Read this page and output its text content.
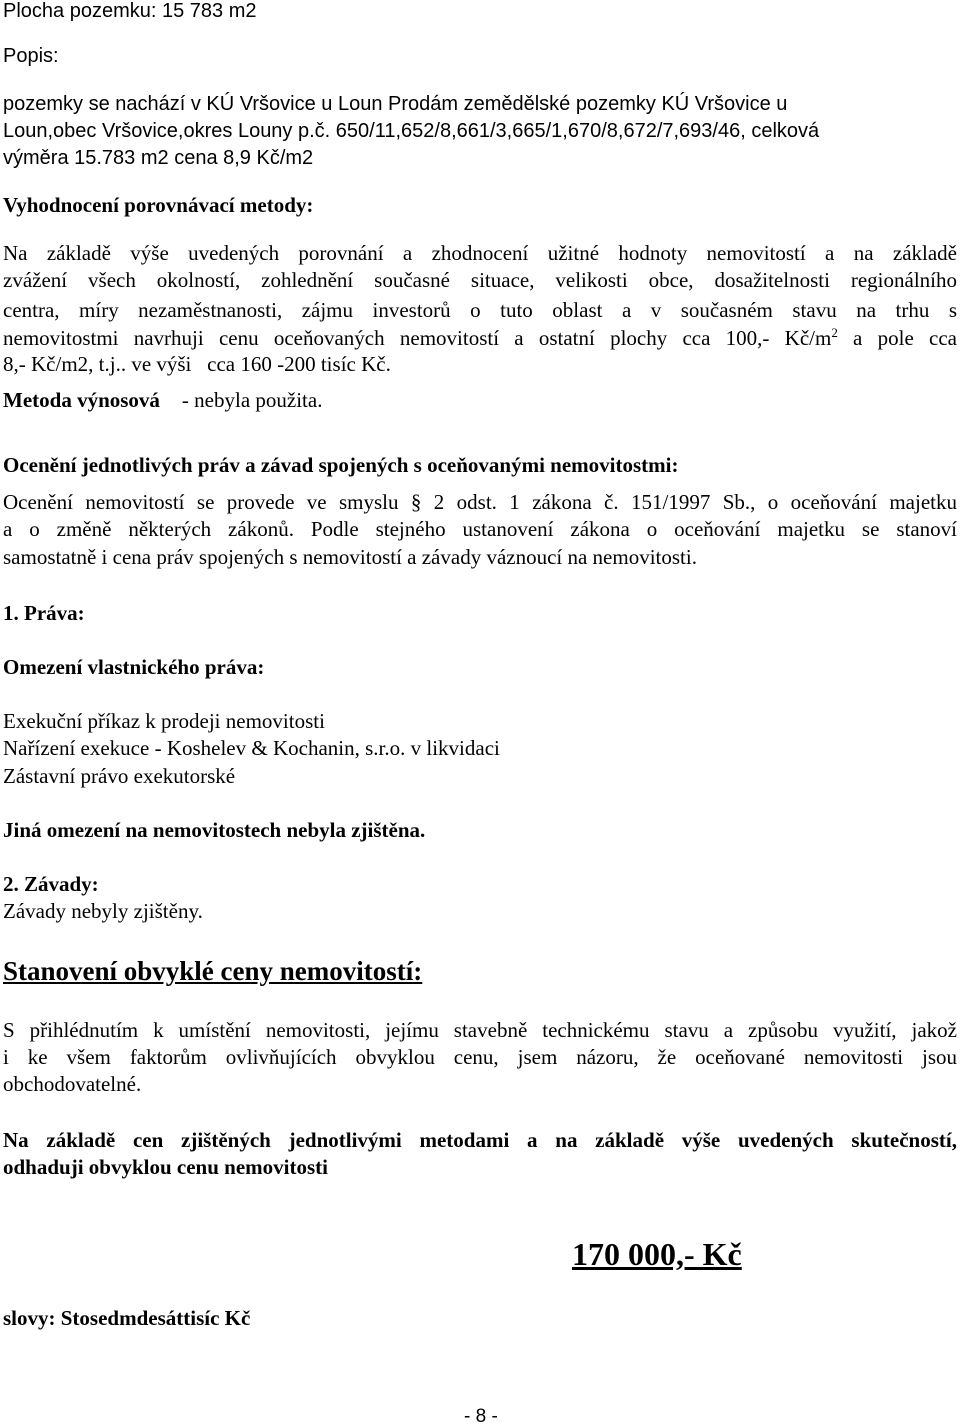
Plocha pozemku: 15 783 m2

Popis:

pozemky se nachází v KÚ Vršovice u Loun Prodám zemědělské pozemky KÚ Vršovice u

Loun,obec Vršovice,okres Louny p.č. 650/11,652/8,661/3,665/1,670/8,672/7,693/46, celková

výměra 15.783 m2 cena 8,9 Kč/m2

Vyhodnocení porovnávací metody:

Na základě výše uvedených porovnání a zhodnocení užitné hodnoty nemovitostí a na základě

zvážení všech okolností, zohlednění současné situace, velikosti obce, dosažitelnosti regionálního

centra, míry nezaměstnanosti, zájmu investorů o tuto oblast a v současném stavu na trhu s

nemovitostmi navrhuji cenu oceňovaných nemovitostí a ostatní plochy cca 100,- $Kč/m^2$ a pole cca

8,- Kč/m2, t.j.. ve výši   cca 160 -200 tisíc Kč.

Metoda výnosová - nebyla použita.

Ocenění jednotlivých práv a závad spojených s oceňovanými nemovitostmi:

Ocenění nemovitostí se provede ve smyslu § 2 odst. 1 zákona č. 151/1997 Sb., o oceňování majetku

a o změně některých zákonů. Podle stejného ustanovení zákona o oceňování majetku se stanoví

samostatně i cena práv spojených s nemovitostí a závady váznoucí na nemovitosti.

1. Práva:

Omezení vlastnického práva:

Exekuční příkaz k prodeji nemovitosti

Nařízení exekuce - Koshelev & Kochanin, s.r.o. v likvidaci

Zástavní právo exekutorské

Jiná omezení na nemovitostech nebyla zjištěna.

2. Závady:

Závady nebyly zjištěny.

Stanovení obvyklé ceny nemovitostí:

S přihlédnutím k umístění nemovitosti, jejímu stavebně technickému stavu a způsobu využití, jakož

i ke všem faktorům ovlivňujících obvyklou cenu, jsem názoru, že oceňované nemovitosti jsou

obchodovatelné.

Na základě cen zjištěných jednotlivými metodami a na základě výše uvedených skutečností,

odhaduji obvyklou cenu nemovitosti

170 000,- Kč

slovy: Stosedmdesáttisíc Kč

- 8 -
